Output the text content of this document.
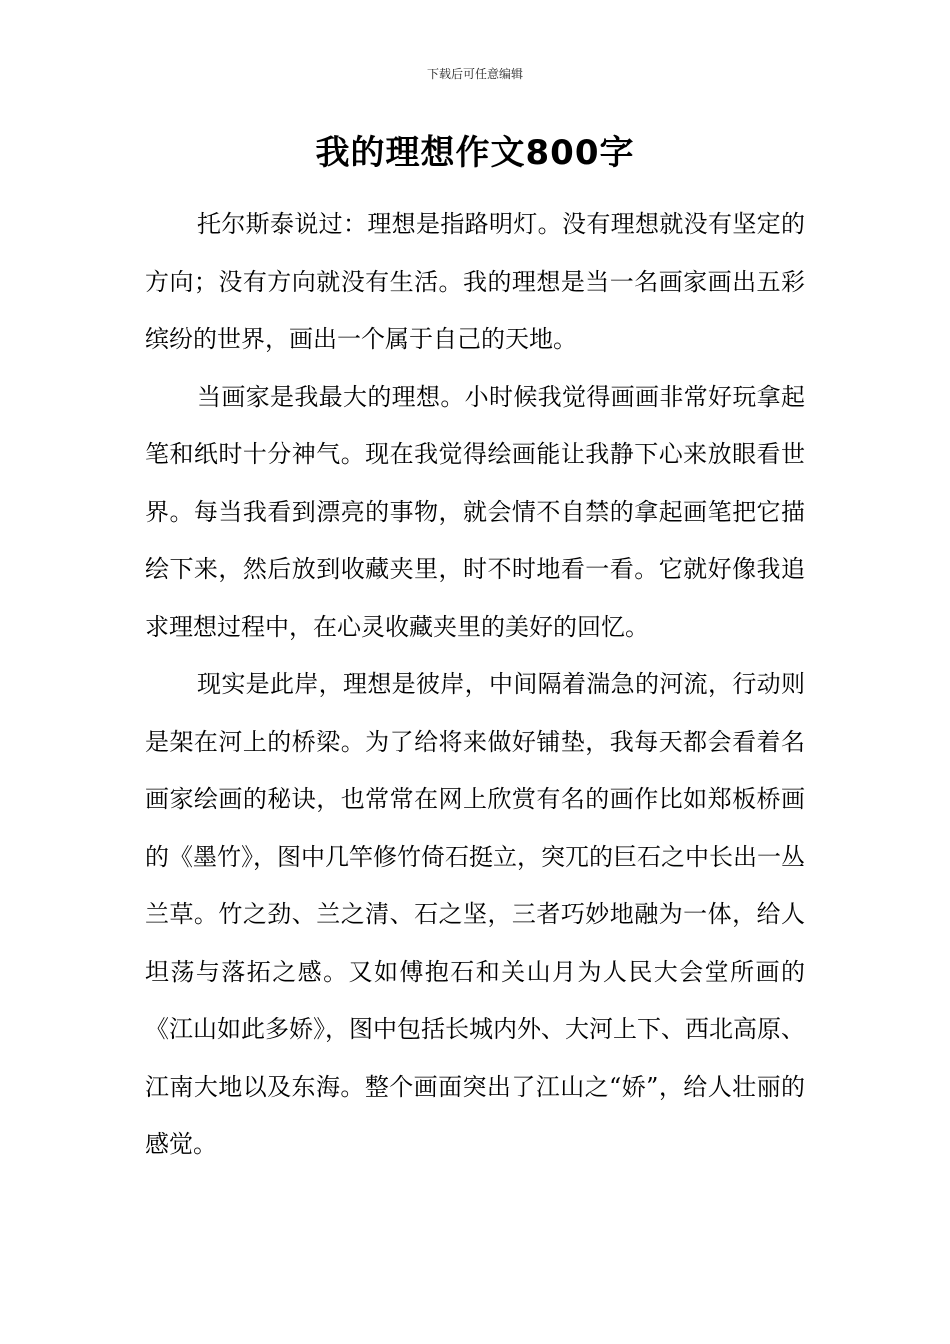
下载后可任意编辑
我的理想作文800字

托尔斯泰说过：理想是指路明灯。没有理想就没有坚定的方向；没有方向就没有生活。我的理想是当一名画家画出五彩缤纷的世界，画出一个属于自己的天地。

当画家是我最大的理想。小时候我觉得画画非常好玩拿起笔和纸时十分神气。现在我觉得绘画能让我静下心来放眼看世界。每当我看到漂亮的事物，就会情不自禁的拿起画笔把它描绘下来，然后放到收藏夹里，时不时地看一看。它就好像我追求理想过程中，在心灵收藏夹里的美好的回忆。

现实是此岸，理想是彼岸，中间隔着湍急的河流，行动则是架在河上的桥梁。为了给将来做好铺垫，我每天都会看着名画家绘画的秘诀，也常常在网上欣赏有名的画作比如郑板桥画的《墨竹》，图中几竿修竹倚石挺立，突兀的巨石之中长出一丛兰草。竹之劲、兰之清、石之坚，三者巧妙地融为一体，给人坦荡与落拓之感。又如傅抱石和关山月为人民大会堂所画的《江山如此多娇》，图中包括长城内外、大河上下、西北高原、江南大地以及东海。整个画面突出了江山之“娇”，给人壮丽的感觉。
